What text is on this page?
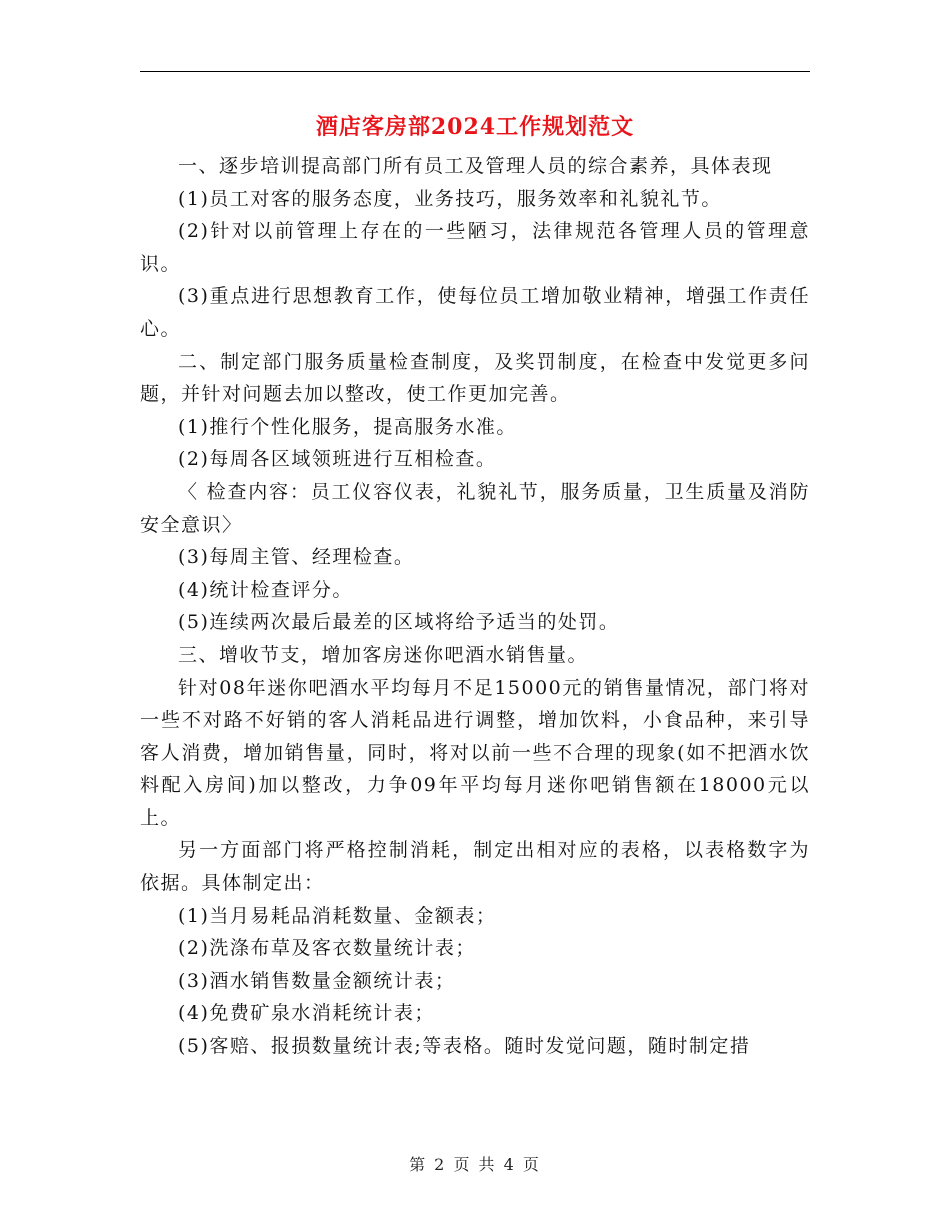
酒店客房部2024工作规划范文

一、逐步培训提高部门所有员工及管理人员的综合素养，具体表现

(1)员工对客的服务态度，业务技巧，服务效率和礼貌礼节。

(2)针对以前管理上存在的一些陋习，法律规范各管理人员的管理意识。

(3)重点进行思想教育工作，使每位员工增加敬业精神，增强工作责任心。

二、制定部门服务质量检查制度，及奖罚制度，在检查中发觉更多问题，并针对问题去加以整改，使工作更加完善。

(1)推行个性化服务，提高服务水准。

(2)每周各区域领班进行互相检查。

〈 检查内容：员工仪容仪表，礼貌礼节，服务质量，卫生质量及消防安全意识〉

(3)每周主管、经理检查。

(4)统计检查评分。

(5)连续两次最后最差的区域将给予适当的处罚。

三、增收节支，增加客房迷你吧酒水销售量。

针对08年迷你吧酒水平均每月不足15000元的销售量情况，部门将对一些不对路不好销的客人消耗品进行调整，增加饮料，小食品种，来引导客人消费，增加销售量，同时，将对以前一些不合理的现象(如不把酒水饮料配入房间)加以整改，力争09年平均每月迷你吧销售额在18000元以上。

另一方面部门将严格控制消耗，制定出相对应的表格，以表格数字为依据。具体制定出：

(1)当月易耗品消耗数量、金额表；

(2)洗涤布草及客衣数量统计表；

(3)酒水销售数量金额统计表；

(4)免费矿泉水消耗统计表；

(5)客赔、报损数量统计表;等表格。随时发觉问题，随时制定措

第 2 页 共 4 页
